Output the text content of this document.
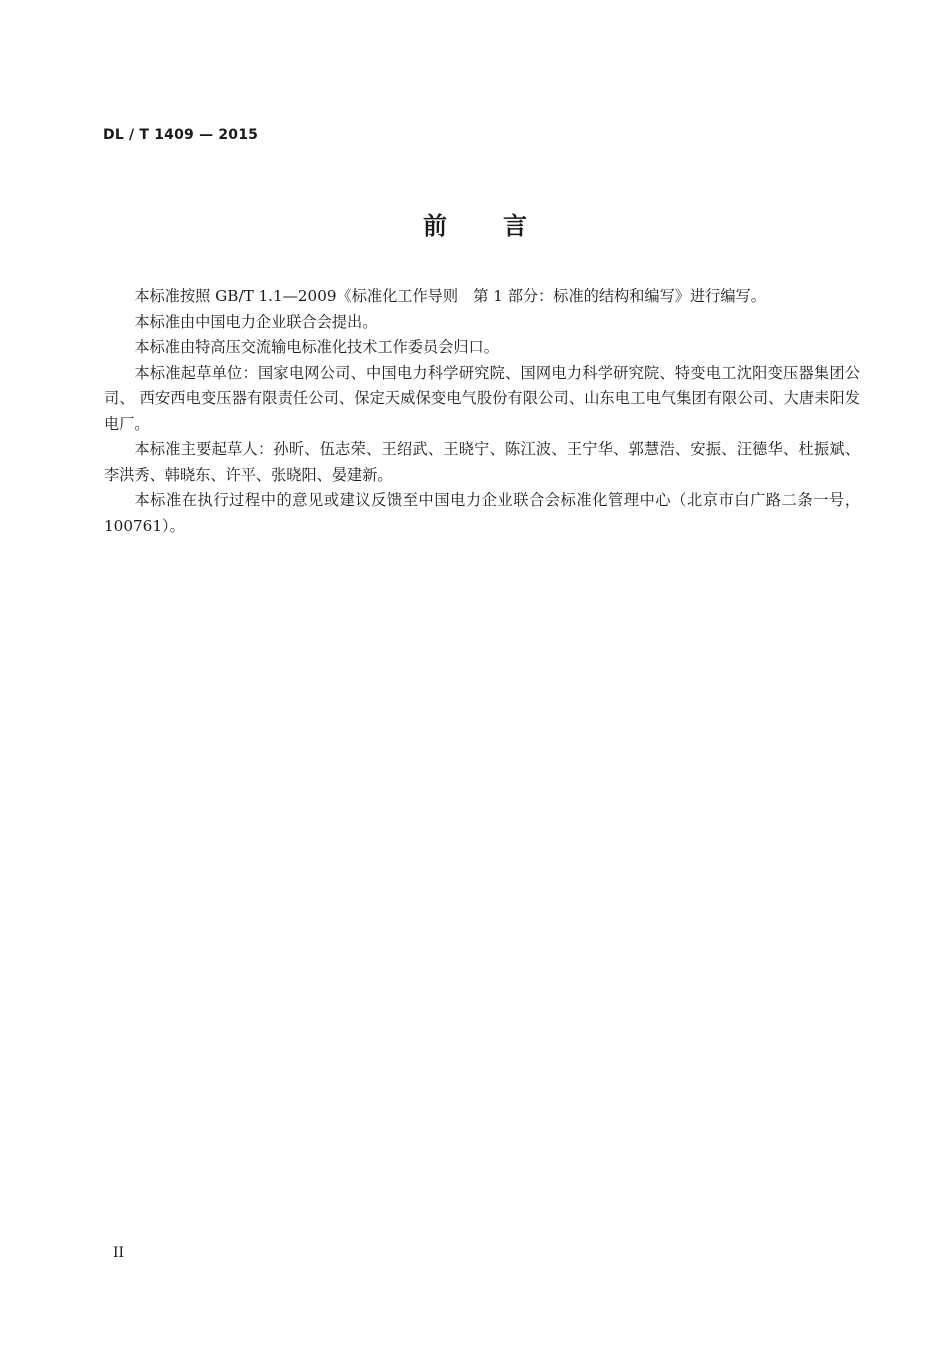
DL / T 1409 — 2015
前言

本标准按照 GB/T 1.1—2009《标准化工作导则　第 1 部分：标准的结构和编写》进行编写。

本标准由中国电力企业联合会提出。

本标准由特高压交流输电标准化技术工作委员会归口。

本标准起草单位：国家电网公司、中国电力科学研究院、国网电力科学研究院、特变电工沈阳变压器集团公司、 西安西电变压器有限责任公司、保定天威保变电气股份有限公司、山东电工电气集团有限公司、大唐耒阳发电厂。

本标准主要起草人：孙昕、伍志荣、王绍武、王晓宁、陈江波、王宁华、郭慧浩、安振、汪德华、杜振斌、李洪秀、韩晓东、许平、张晓阳、晏建新。

本标准在执行过程中的意见或建议反馈至中国电力企业联合会标准化管理中心（北京市白广路二条一号，100761）。

II
